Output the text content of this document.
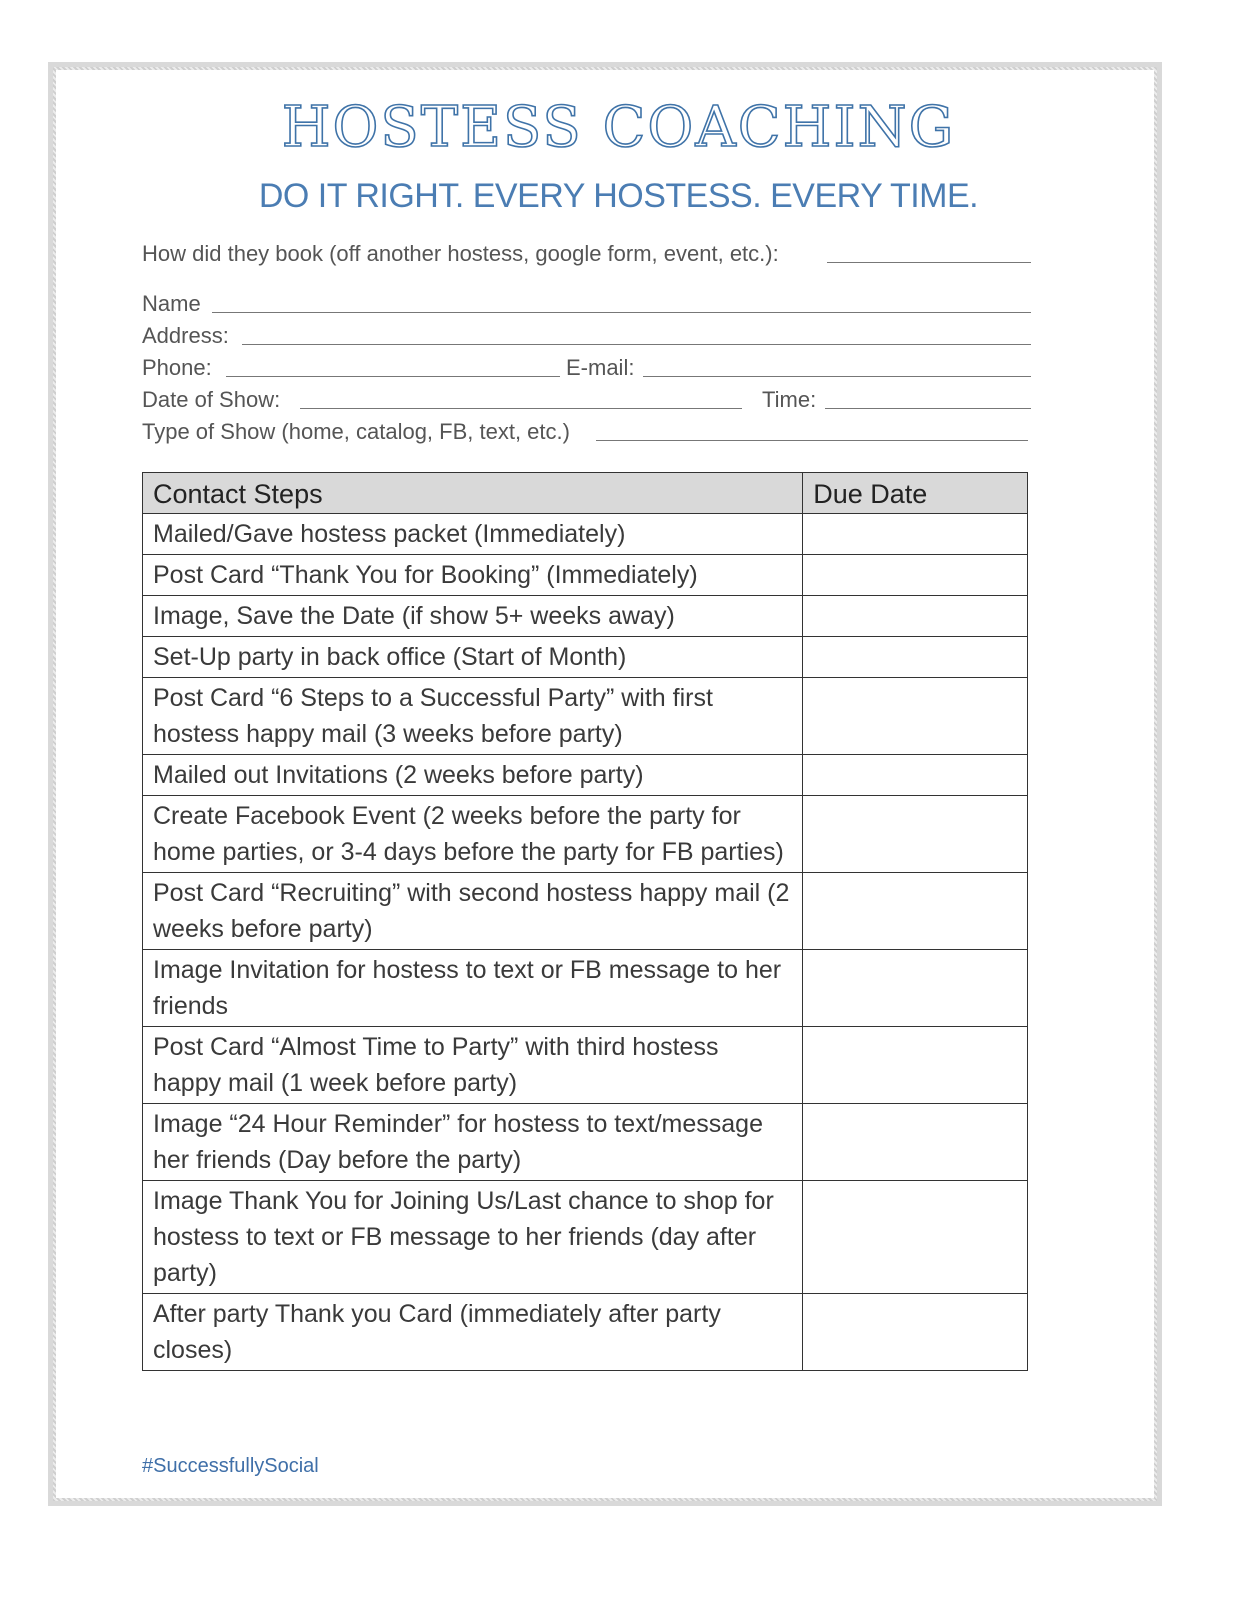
HOSTESS COACHING
DO IT RIGHT. EVERY HOSTESS. EVERY TIME.
How did they book (off another hostess, google form, event, etc.):
Name
Address:
Phone:	E-mail:
Date of Show:	Time:
Type of Show (home, catalog, FB, text, etc.)
Contact Steps	Due Date
Mailed/Gave hostess packet (Immediately)	
Post Card “Thank You for Booking” (Immediately)	
Image, Save the Date (if show 5+ weeks away)	
Set-Up party in back office (Start of Month)	
Post Card “6 Steps to a Successful Party” with first hostess happy mail (3 weeks before party)	
Mailed out Invitations (2 weeks before party)	
Create Facebook Event (2 weeks before the party for home parties, or 3-4 days before the party for FB parties)	
Post Card “Recruiting” with second hostess happy mail (2 weeks before party)	
Image Invitation for hostess to text or FB message to her friends	
Post Card “Almost Time to Party” with third hostess happy mail (1 week before party)	
Image “24 Hour Reminder” for hostess to text/message her friends (Day before the party)	
Image Thank You for Joining Us/Last chance to shop for hostess to text or FB message to her friends (day after party)	
After party Thank you Card (immediately after party closes)	
#SuccessfullySocial
